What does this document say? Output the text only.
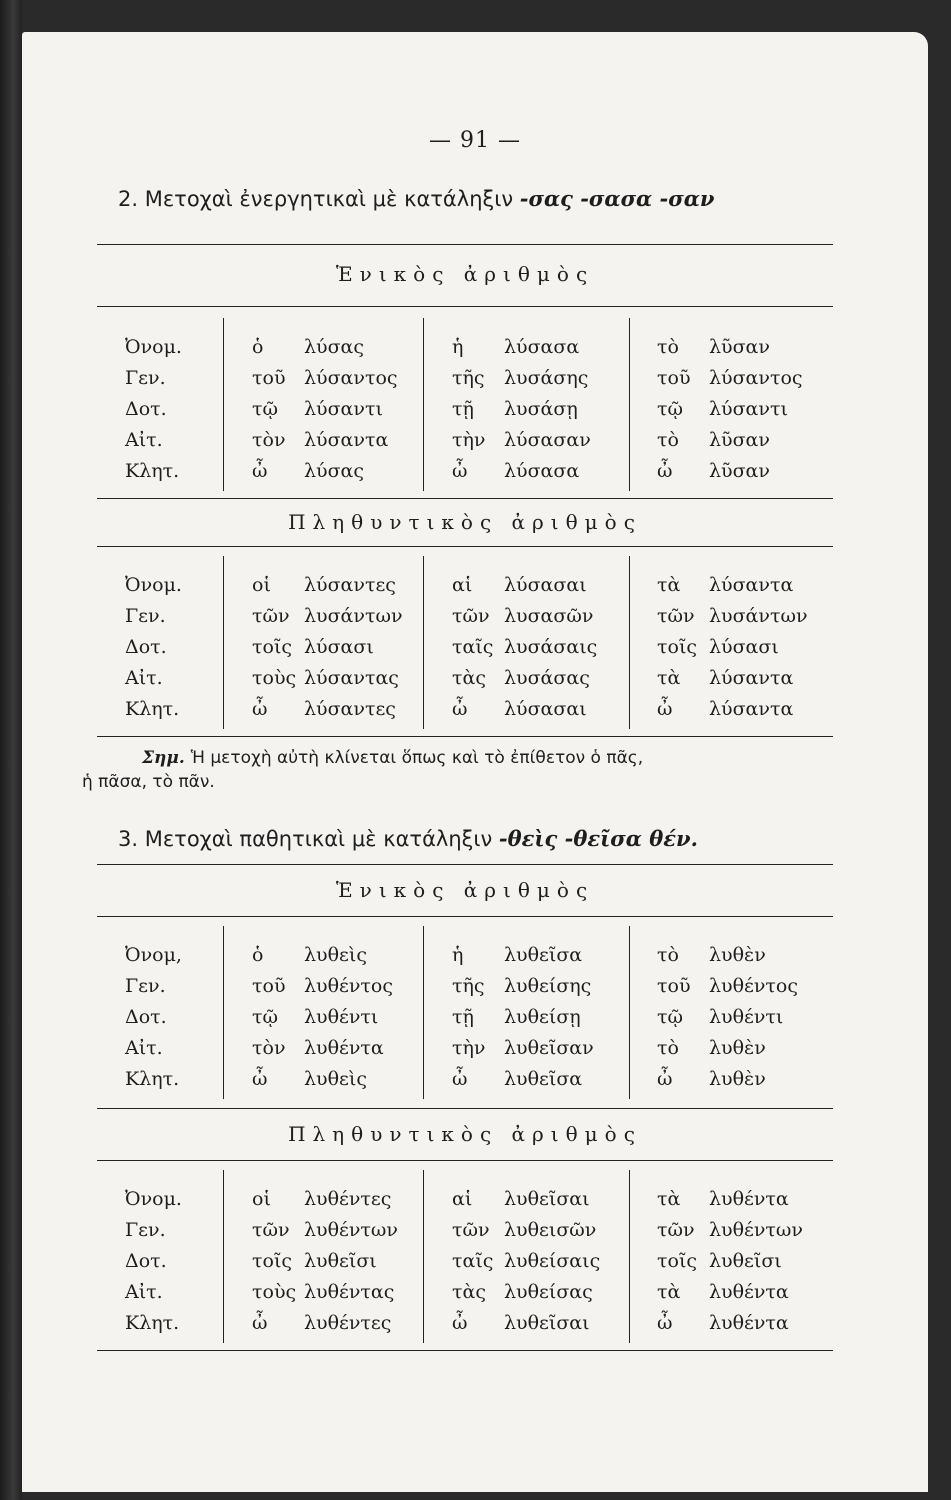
— 91 —
2. Μετοχαὶ ἐνεργητικαὶ μὲ κατάληξιν -σας -σασα -σαν
Ἑνικὸς ἀριθμὸς
Ὀνομ.
Γεν.
Δοτ.
Αἰτ.
Κλητ.
ὁ λύσας
τοῦ λύσαντος
τῷ λύσαντι
τὸν λύσαντα
ὦ λύσας
ἡ λύσασα
τῆς λυσάσης
τῇ λυσάσῃ
τὴν λύσασαν
ὦ λύσασα
τὸ λῦσαν
τοῦ λύσαντος
τῷ λύσαντι
τὸ λῦσαν
ὦ λῦσαν
Πληθυντικὸς ἀριθμὸς
Ὀνομ.
Γεν.
Δοτ.
Αἰτ.
Κλητ.
οἱ λύσαντες
τῶν λυσάντων
τοῖς λύσασι
τοὺς λύσαντας
ὦ λύσαντες
αἱ λύσασαι
τῶν λυσασῶν
ταῖς λυσάσαις
τὰς λυσάσας
ὦ λύσασαι
τὰ λύσαντα
τῶν λυσάντων
τοῖς λύσασι
τὰ λύσαντα
ὦ λύσαντα
Σημ. Ἡ μετοχὴ αὐτὴ κλίνεται ὅπως καὶ τὸ ἐπίθετον ὁ πᾶς,
ἡ πᾶσα, τὸ πᾶν.
3. Μετοχαὶ παθητικαὶ μὲ κατάληξιν -θεὶς -θεῖσα θέν.
Ἑνικὸς ἀριθμὸς
Ὀνομ,
Γεν.
Δοτ.
Αἰτ.
Κλητ.
ὁ λυθεὶς
τοῦ λυθέντος
τῷ λυθέντι
τὸν λυθέντα
ὦ λυθεὶς
ἡ λυθεῖσα
τῆς λυθείσης
τῇ λυθείσῃ
τὴν λυθεῖσαν
ὦ λυθεῖσα
τὸ λυθὲν
τοῦ λυθέντος
τῷ λυθέντι
τὸ λυθὲν
ὦ λυθὲν
Πληθυντικὸς ἀριθμὸς
Ὀνομ.
Γεν.
Δοτ.
Αἰτ.
Κλητ.
οἱ λυθέντες
τῶν λυθέντων
τοῖς λυθεῖσι
τοὺς λυθέντας
ὦ λυθέντες
αἱ λυθεῖσαι
τῶν λυθεισῶν
ταῖς λυθείσαις
τὰς λυθείσας
ὦ λυθεῖσαι
τὰ λυθέντα
τῶν λυθέντων
τοῖς λυθεῖσι
τὰ λυθέντα
ὦ λυθέντα
